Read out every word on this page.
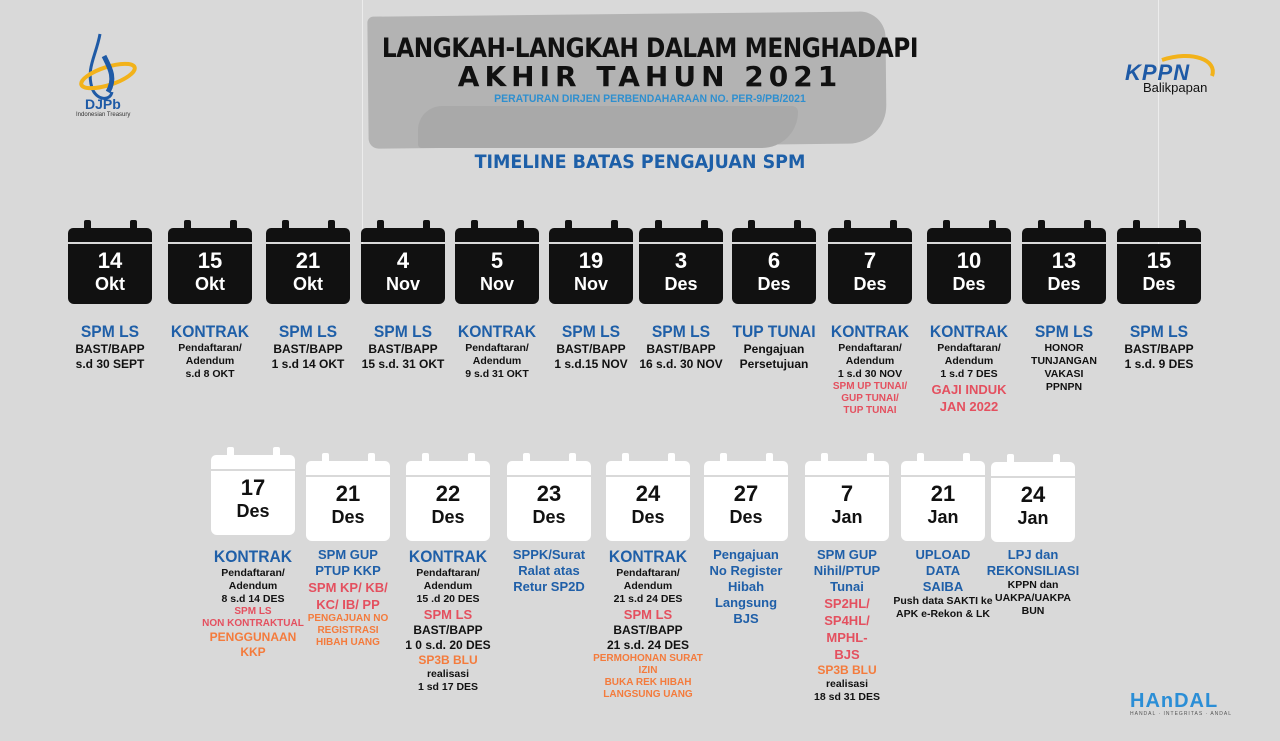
LANGKAH-LANGKAH DALAM MENGHADAPI
AKHIR TAHUN 2021
PERATURAN DIRJEN PERBENDAHARAAN NO. PER-9/PB/2021
TIMELINE BATAS PENGAJUAN SPM
DJPb
Indonesian Treasury
KPPN
Balikpapan
HAnDAL
HANDAL · INTEGRITAS · ANDAL
14
Okt
SPM LS
BAST/BAPP
s.d 30 SEPT
15
Okt
KONTRAK
Pendaftaran/
Adendum
s.d 8 OKT
21
Okt
SPM LS
BAST/BAPP
1 s.d 14 OKT
4
Nov
SPM LS
BAST/BAPP
15 s.d. 31 OKT
5
Nov
KONTRAK
Pendaftaran/
Adendum
9 s.d 31 OKT
19
Nov
SPM LS
BAST/BAPP
1 s.d.15 NOV
3
Des
SPM LS
BAST/BAPP
16 s.d. 30 NOV
6
Des
TUP TUNAI
Pengajuan
Persetujuan
7
Des
KONTRAK
Pendaftaran/
Adendum
1 s.d 30 NOV
SPM UP TUNAI/
GUP TUNAI/
TUP TUNAI
10
Des
KONTRAK
Pendaftaran/
Adendum
1 s.d 7 DES
GAJI INDUK
JAN 2022
13
Des
SPM LS
HONOR
TUNJANGAN
VAKASI
PPNPN
15
Des
SPM LS
BAST/BAPP
1 s.d. 9 DES
17
Des
KONTRAK
Pendaftaran/
Adendum
8 s.d 14 DES
SPM LS
NON KONTRAKTUAL
PENGGUNAAN KKP
21
Des
SPM GUP
PTUP KKP
SPM KP/ KB/
KC/ IB/ PP
PENGAJUAN NO
REGISTRASI
HIBAH UANG
22
Des
KONTRAK
Pendaftaran/
Adendum
15 .d 20 DES
SPM LS
BAST/BAPP
1 0 s.d. 20 DES
SP3B BLU
realisasi
1 sd 17 DES
23
Des
SPPK/Surat
Ralat atas
Retur SP2D
24
Des
KONTRAK
Pendaftaran/
Adendum
21 s.d 24 DES
SPM LS
BAST/BAPP
21 s.d. 24 DES
PERMOHONAN SURAT IZIN
BUKA REK HIBAH
LANGSUNG UANG
27
Des
Pengajuan
No Register
Hibah
Langsung
BJS
7
Jan
SPM GUP
Nihil/PTUP
Tunai
SP2HL/
SP4HL/
MPHL-
BJS
SP3B BLU
realisasi
18 sd 31 DES
21
Jan
UPLOAD
DATA
SAIBA
Push data SAKTI ke
APK e-Rekon & LK
24
Jan
LPJ dan
REKONSILIASI
KPPN dan
UAKPA/UAKPA
BUN
